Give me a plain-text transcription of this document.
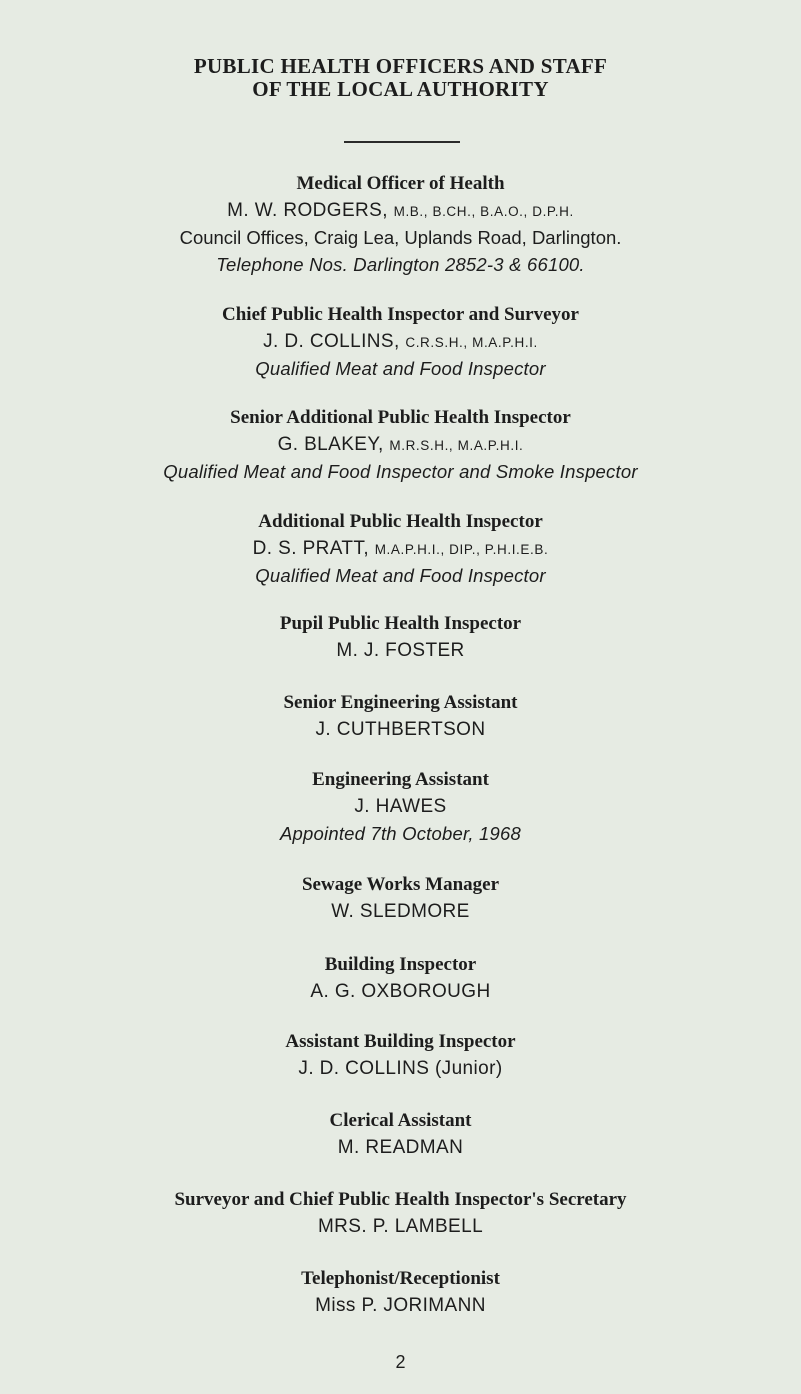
PUBLIC HEALTH OFFICERS AND STAFF
OF THE LOCAL AUTHORITY
Medical Officer of Health
M. W. RODGERS, M.B., B.CH., B.A.O., D.P.H.
Council Offices, Craig Lea, Uplands Road, Darlington.
Telephone Nos. Darlington 2852-3 & 66100.
Chief Public Health Inspector and Surveyor
J. D. COLLINS, C.R.S.H., M.A.P.H.I.
Qualified Meat and Food Inspector
Senior Additional Public Health Inspector
G. BLAKEY, M.R.S.H., M.A.P.H.I.
Qualified Meat and Food Inspector and Smoke Inspector
Additional Public Health Inspector
D. S. PRATT, M.A.P.H.I., DIP., P.H.I.E.B.
Qualified Meat and Food Inspector
Pupil Public Health Inspector
M. J. FOSTER
Senior Engineering Assistant
J. CUTHBERTSON
Engineering Assistant
J. HAWES
Appointed 7th October, 1968
Sewage Works Manager
W. SLEDMORE
Building Inspector
A. G. OXBOROUGH
Assistant Building Inspector
J. D. COLLINS (Junior)
Clerical Assistant
M. READMAN
Surveyor and Chief Public Health Inspector's Secretary
MRS. P. LAMBELL
Telephonist/Receptionist
Miss P. JORIMANN
2
